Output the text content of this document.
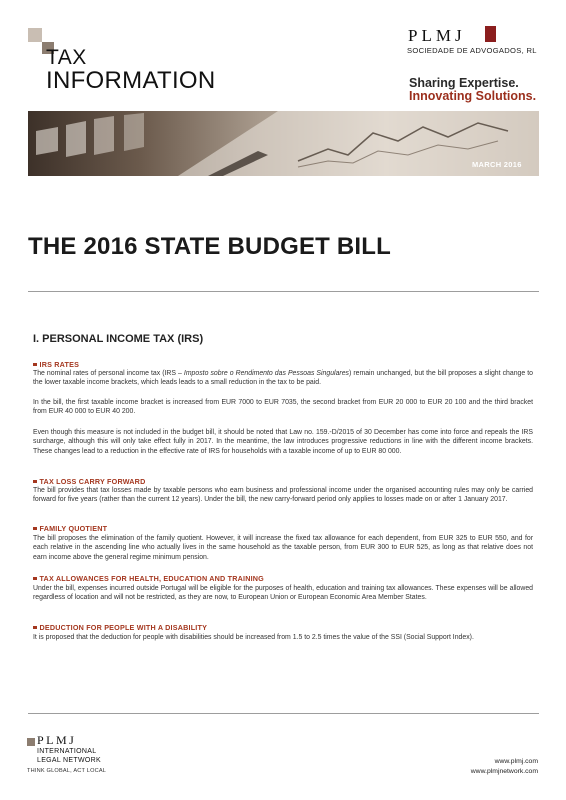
TAX
INFORMATION
PLMJ
SOCIEDADE DE ADVOGADOS, RL
Sharing Expertise.
Innovating Solutions.
MARCH 2016
THE 2016 STATE BUDGET BILL
I. PERSONAL INCOME TAX (IRS)
IRS RATES
The nominal rates of personal income tax (IRS – Imposto sobre o Rendimento das Pessoas Singulares) remain unchanged, but the bill proposes a slight change to the lower taxable income brackets, which leads leads to a small reduction in the tax to be paid.
In the bill, the first taxable income bracket is increased from EUR 7000 to EUR 7035, the second bracket from EUR 20 000 to EUR 20 100 and the third bracket from EUR 40 000 to EUR 40 200.
Even though this measure is not included in the budget bill, it should be noted that Law no. 159.-D/2015 of 30 December has come into force and repeals the IRS surcharge, although this will only take effect fully in 2017. In the meantime, the law introduces progressive reductions in line with the different income brackets. These changes lead to a reduction in the effective rate of IRS for households with a taxable income of up to EUR 80 000.
TAX LOSS CARRY FORWARD
The bill provides that tax losses made by taxable persons who earn business and professional income under the organised accounting rules may only be carried forward for five years (rather than the current 12 years). Under the bill, the new carry-forward period only applies to losses made on or after 1 January 2017.
FAMILY QUOTIENT
The bill proposes the elimination of the family quotient. However, it will increase the fixed tax allowance for each dependent, from EUR 325 to EUR 550, and for each relative in the ascending line who actually lives in the same household as the taxable person, from EUR 300 to EUR 525, as long as that relative does not earn income above the general regime minimum pension.
TAX ALLOWANCES FOR HEALTH, EDUCATION AND TRAINING
Under the bill, expenses incurred outside Portugal will be eligible for the purposes of health, education and training tax allowances. These expenses will be allowed regardless of location and will not be restricted, as they are now, to European Union or European Economic Area Member States.
DEDUCTION FOR PEOPLE WITH A DISABILITY
It is proposed that the deduction for people with disabilities should be increased from 1.5 to 2.5 times the value of the SSI (Social Support Index).
PLMJ
INTERNATIONAL
LEGAL NETWORK
THINK GLOBAL, ACT LOCAL
www.plmj.com
www.plmjnetwork.com
